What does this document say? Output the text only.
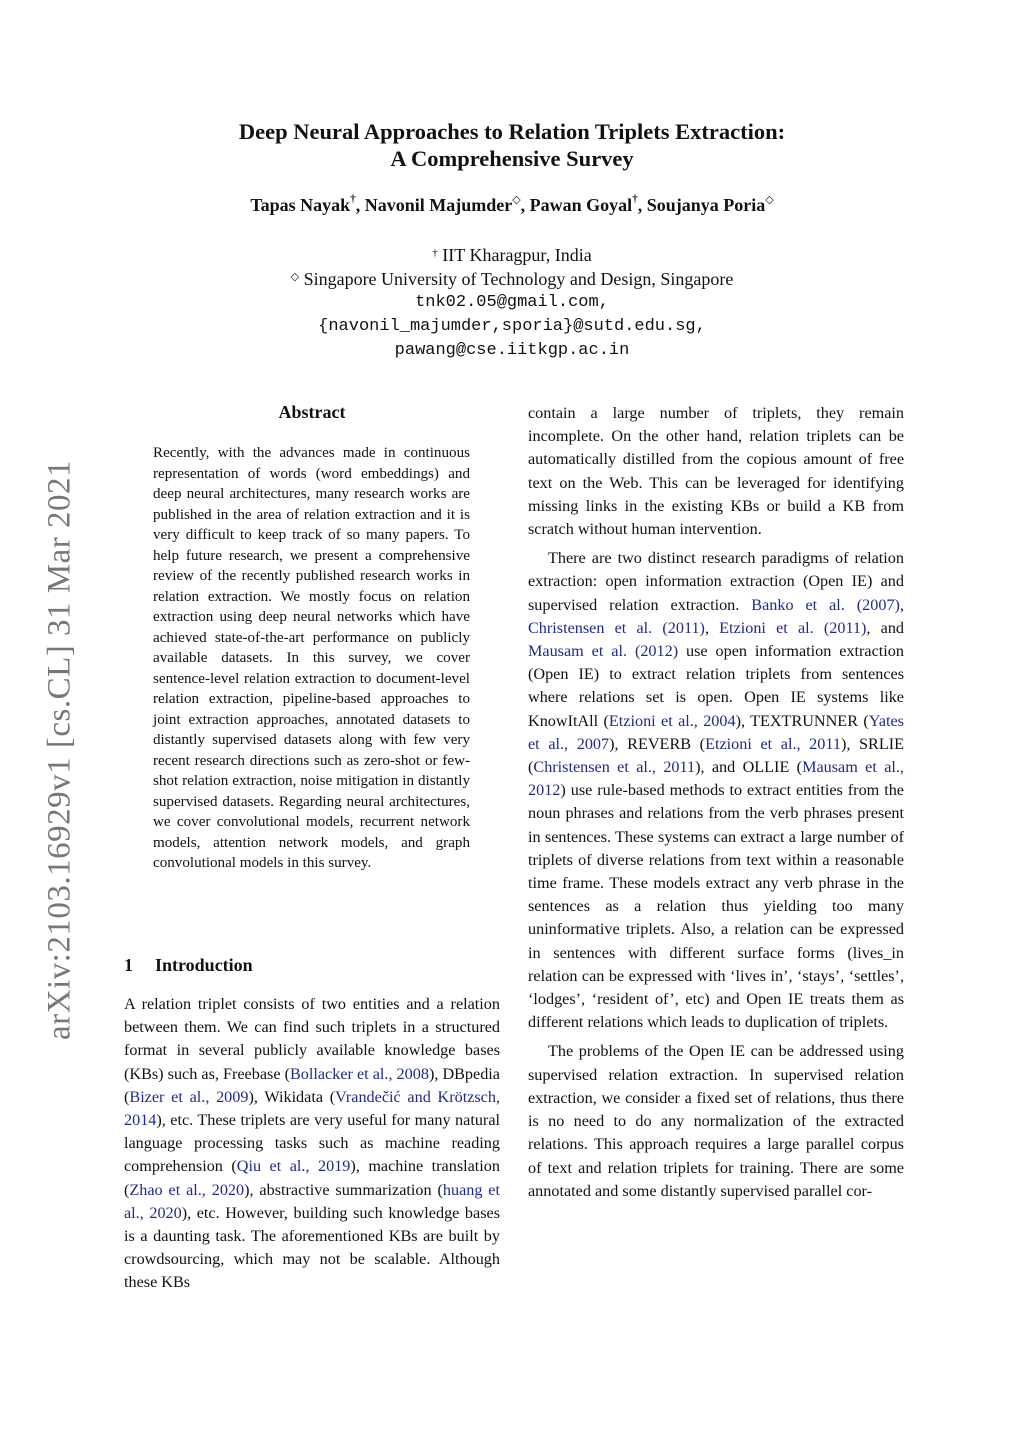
arXiv:2103.16929v1 [cs.CL] 31 Mar 2021
Deep Neural Approaches to Relation Triplets Extraction:
A Comprehensive Survey
Tapas Nayak†, Navonil Majumder◇, Pawan Goyal†, Soujanya Poria◇
† IIT Kharagpur, India
◇ Singapore University of Technology and Design, Singapore
tnk02.05@gmail.com,
{navonil_majumder,sporia}@sutd.edu.sg,
pawang@cse.iitkgp.ac.in
Abstract
Recently, with the advances made in continuous representation of words (word embeddings) and deep neural architectures, many research works are published in the area of relation extraction and it is very difficult to keep track of so many papers. To help future research, we present a comprehensive review of the recently published research works in relation extraction. We mostly focus on relation extraction using deep neural networks which have achieved state-of-the-art performance on publicly available datasets. In this survey, we cover sentence-level relation extraction to document-level relation extraction, pipeline-based approaches to joint extraction approaches, annotated datasets to distantly supervised datasets along with few very recent research directions such as zero-shot or few-shot relation extraction, noise mitigation in distantly supervised datasets. Regarding neural architectures, we cover convolutional models, recurrent network models, attention network models, and graph convolutional models in this survey.
1 Introduction

A relation triplet consists of two entities and a relation between them. We can find such triplets in a structured format in several publicly available knowledge bases (KBs) such as, Freebase (Bollacker et al., 2008), DBpedia (Bizer et al., 2009), Wikidata (Vrandečić and Krötzsch, 2014), etc. These triplets are very useful for many natural language processing tasks such as machine reading comprehension (Qiu et al., 2019), machine translation (Zhao et al., 2020), abstractive summarization (huang et al., 2020), etc. However, building such knowledge bases is a daunting task. The aforementioned KBs are built by crowdsourcing, which may not be scalable. Although these KBs

contain a large number of triplets, they remain incomplete. On the other hand, relation triplets can be automatically distilled from the copious amount of free text on the Web. This can be leveraged for identifying missing links in the existing KBs or build a KB from scratch without human intervention.

There are two distinct research paradigms of relation extraction: open information extraction (Open IE) and supervised relation extraction. Banko et al. (2007), Christensen et al. (2011), Etzioni et al. (2011), and Mausam et al. (2012) use open information extraction (Open IE) to extract relation triplets from sentences where relations set is open. Open IE systems like KnowItAll (Etzioni et al., 2004), TEXTRUNNER (Yates et al., 2007), REVERB (Etzioni et al., 2011), SRLIE (Christensen et al., 2011), and OLLIE (Mausam et al., 2012) use rule-based methods to extract entities from the noun phrases and relations from the verb phrases present in sentences. These systems can extract a large number of triplets of diverse relations from text within a reasonable time frame. These models extract any verb phrase in the sentences as a relation thus yielding too many uninformative triplets. Also, a relation can be expressed in sentences with different surface forms (lives_in relation can be expressed with ‘lives in’, ‘stays’, ‘settles’, ‘lodges’, ‘resident of’, etc) and Open IE treats them as different relations which leads to duplication of triplets.

The problems of the Open IE can be addressed using supervised relation extraction. In supervised relation extraction, we consider a fixed set of relations, thus there is no need to do any normalization of the extracted relations. This approach requires a large parallel corpus of text and relation triplets for training. There are some annotated and some distantly supervised parallel cor-
